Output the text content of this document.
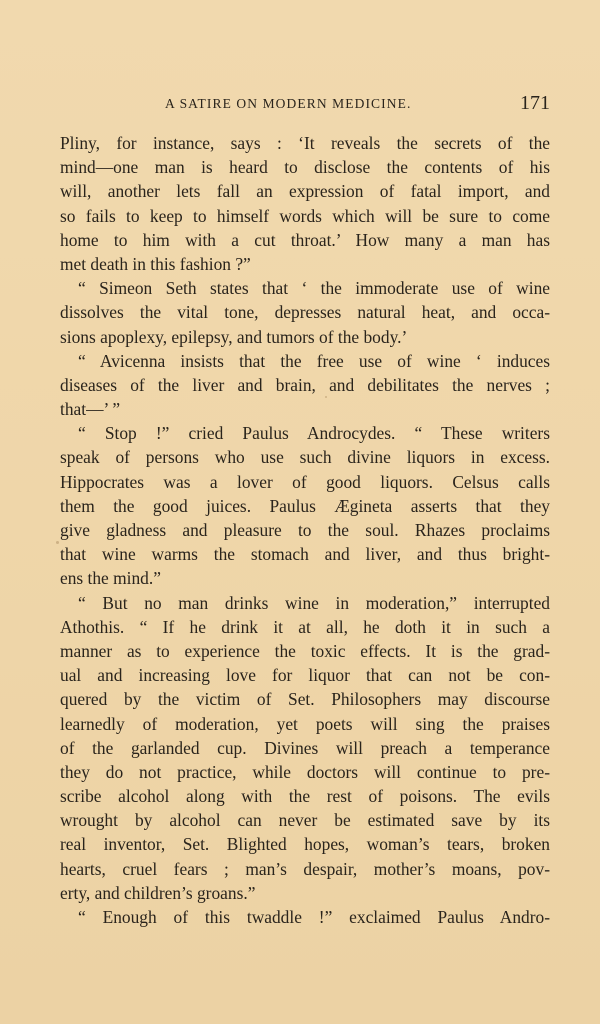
A SATIRE ON MODERN MEDICINE.	171
Pliny, for instance, says : ‘It reveals the secrets of the
mind—one man is heard to disclose the contents of his
will, another lets fall an expression of fatal import, and
so fails to keep to himself words which will be sure to come
home to him with a cut throat.’ How many a man has
met death in this fashion ?”
“ Simeon Seth states that ‘ the immoderate use of wine
dissolves the vital tone, depresses natural heat, and occa-
sions apoplexy, epilepsy, and tumors of the body.’
“ Avicenna insists that the free use of wine ‘ induces
diseases of the liver and brain, and debilitates the nerves ;
that—’ ”
“ Stop !” cried Paulus Androcydes. “ These writers
speak of persons who use such divine liquors in excess.
Hippocrates was a lover of good liquors. Celsus calls
them the good juices. Paulus Ægineta asserts that they
give gladness and pleasure to the soul. Rhazes proclaims
that wine warms the stomach and liver, and thus bright-
ens the mind.”
“ But no man drinks wine in moderation,” interrupted
Athothis. “ If he drink it at all, he doth it in such a
manner as to experience the toxic effects. It is the grad-
ual and increasing love for liquor that can not be con-
quered by the victim of Set. Philosophers may discourse
learnedly of moderation, yet poets will sing the praises
of the garlanded cup. Divines will preach a temperance
they do not practice, while doctors will continue to pre-
scribe alcohol along with the rest of poisons. The evils
wrought by alcohol can never be estimated save by its
real inventor, Set. Blighted hopes, woman’s tears, broken
hearts, cruel fears ; man’s despair, mother’s moans, pov-
erty, and children’s groans.”
“ Enough of this twaddle !” exclaimed Paulus Andro-
